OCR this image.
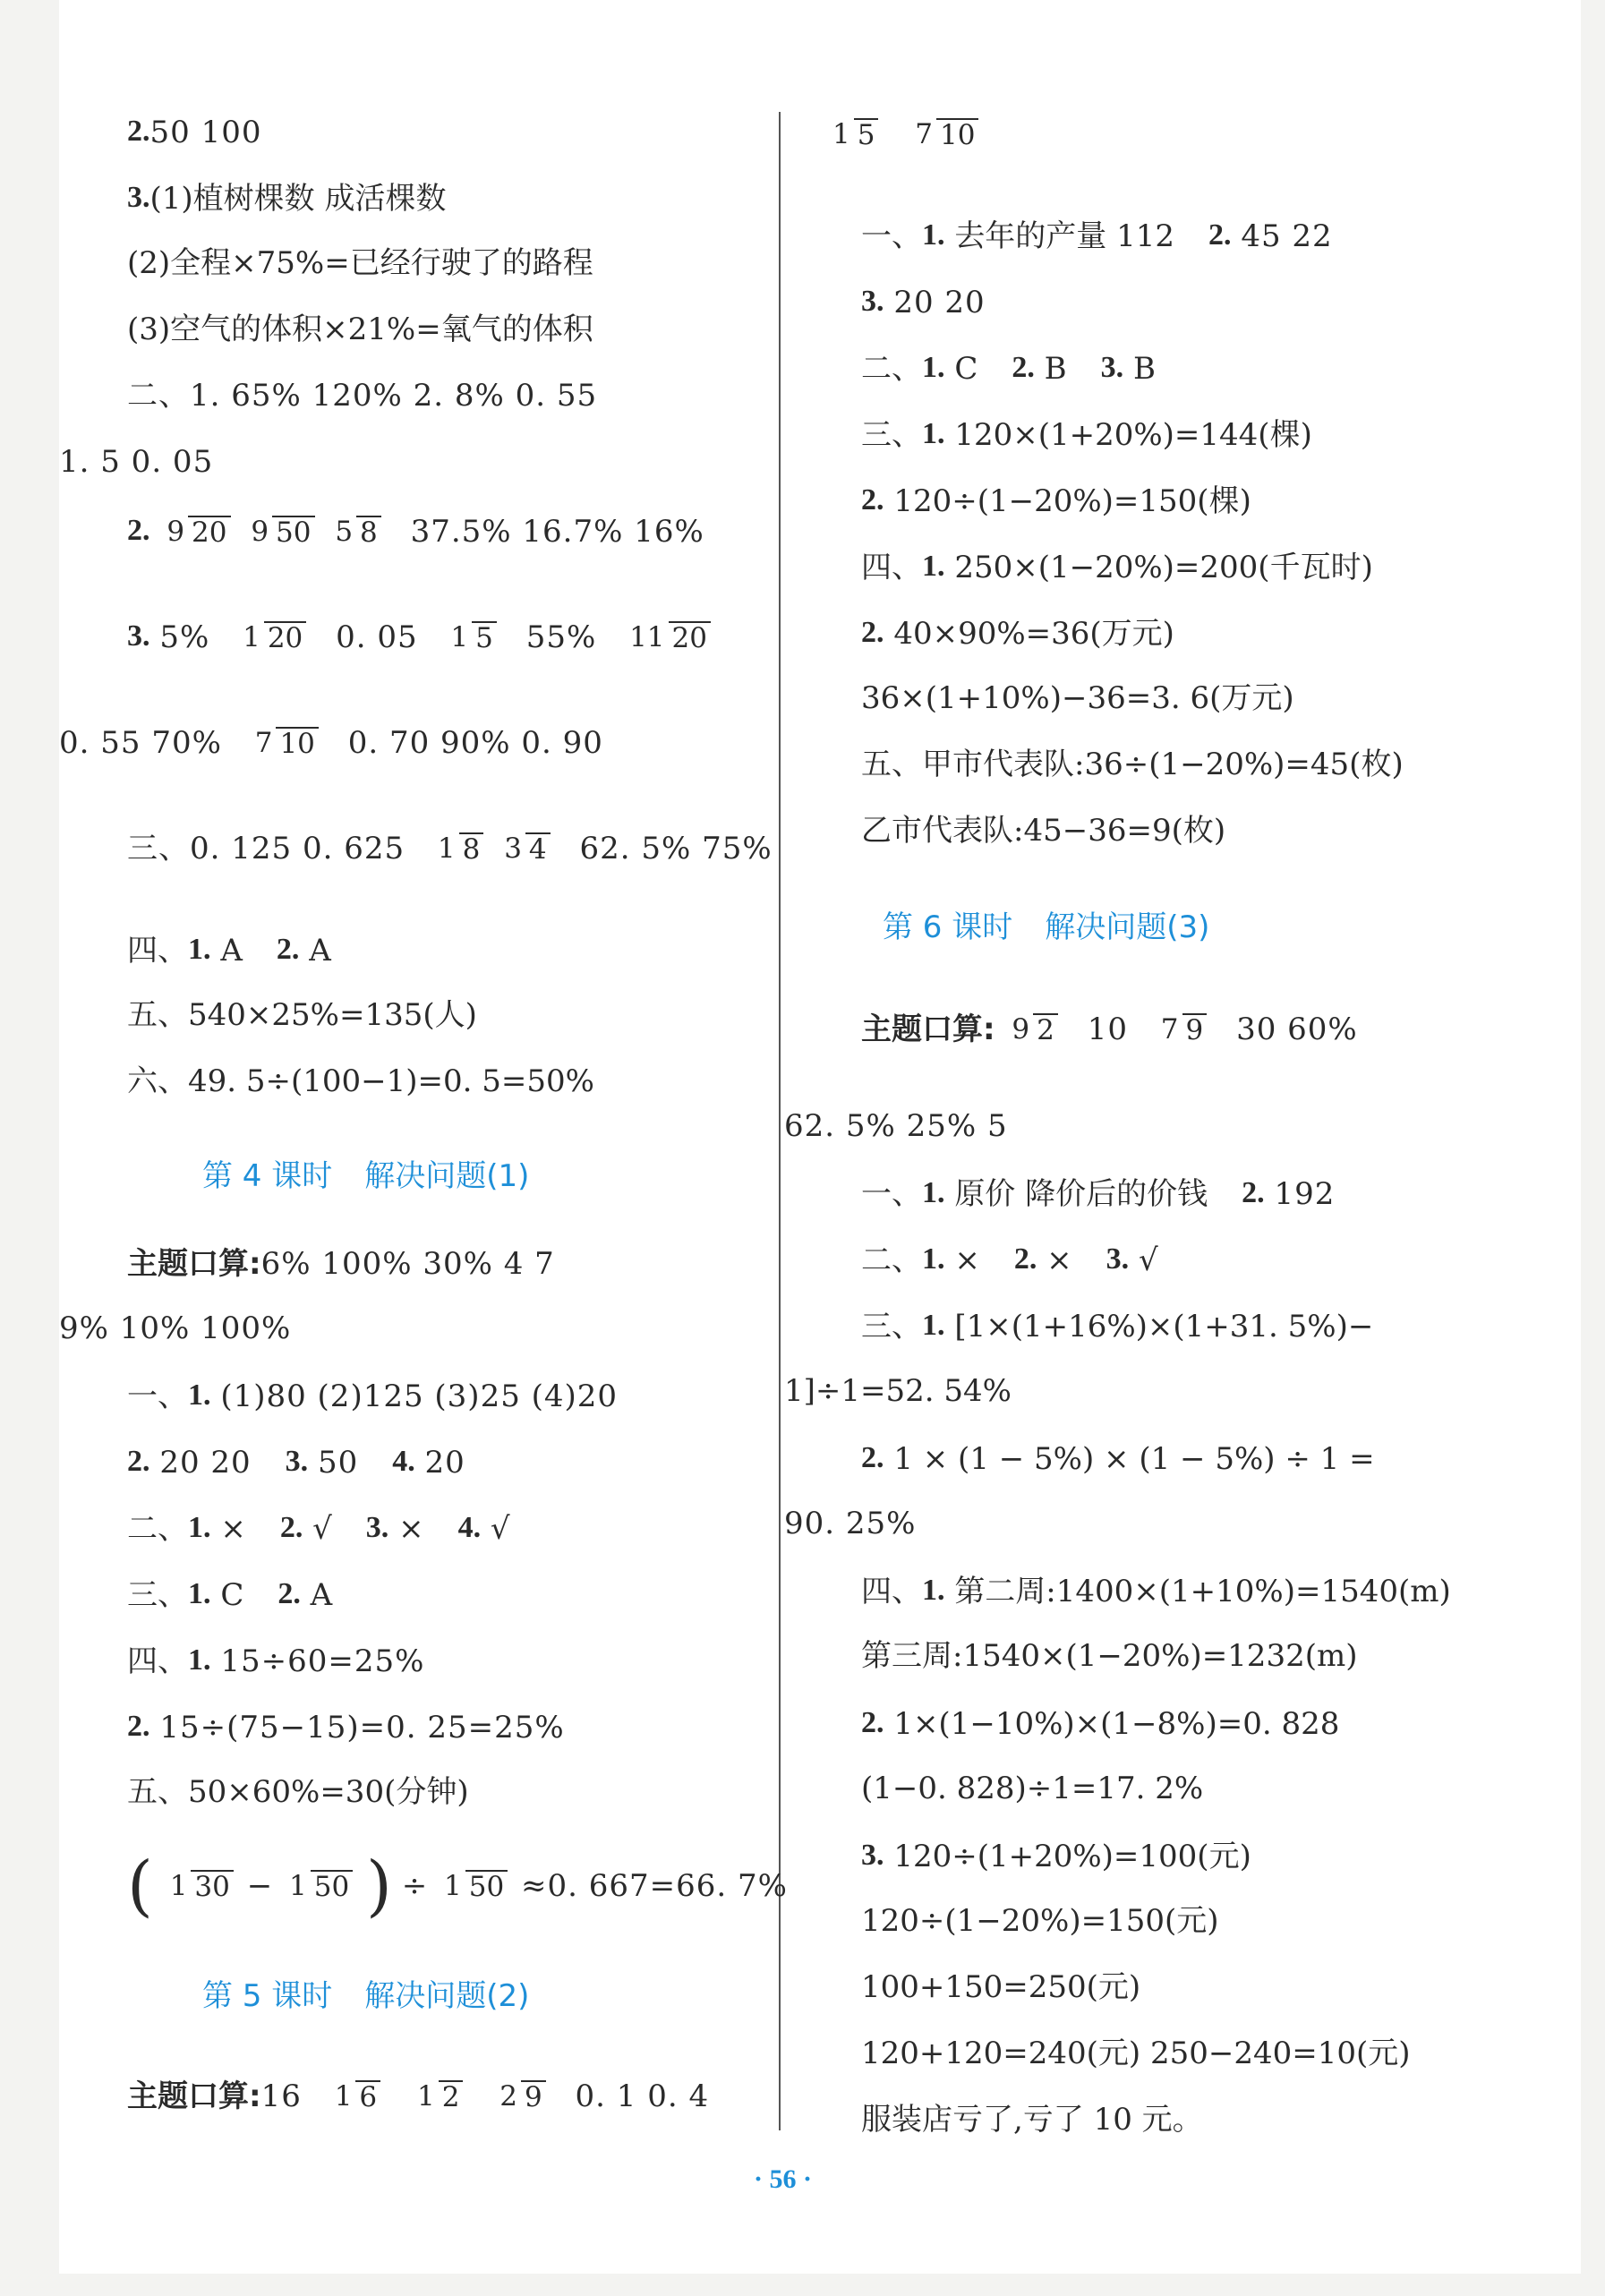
2.50 100
3.(1)植树棵数 成活棵数
(2)全程×75%=已经行驶了的路程
(3)空气的体积×21%=氧气的体积
二、1. 65% 120% 2. 8% 0. 55
1. 5 0. 05
2. 9 20 9 50 5 8 37.5% 16.7% 16%
3. 5% 1 20 0. 05 1 5 55% 11 20
0. 55 70% 7 10 0. 70 90% 0. 90
三、0. 125 0. 625 1 8 3 4 62. 5% 75%
四、1. A 2. A
五、540×25%=135(人)
六、49. 5÷(100−1)=0. 5=50%
第 4 课时 解决问题(1)
主题口算:6% 100% 30% 4 7
9% 10% 100%
一、1. (1)80 (2)125 (3)25 (4)20
2. 20 20 3. 50 4. 20
二、1. × 2. √ 3. × 4. √
三、1. C 2. A
四、1. 15÷60=25%
2. 15÷(75−15)=0. 25=25%
五、50×60%=30(分钟)
( 1 30 − 1 50 ) ÷ 1 50 ≈0. 667=66. 7%
第 5 课时 解决问题(2)
主题口算:16 1 6 1 2 2 9 0. 1 0. 4
1 5 7 10
一、1. 去年的产量 112 2. 45 22
3. 20 20
二、1. C 2. B 3. B
三、1. 120×(1+20%)=144(棵)
2. 120÷(1−20%)=150(棵)
四、1. 250×(1−20%)=200(千瓦时)
2. 40×90%=36(万元)
36×(1+10%)−36=3. 6(万元)
五、甲市代表队:36÷(1−20%)=45(枚)
乙市代表队:45−36=9(枚)
第 6 课时 解决问题(3)
主题口算: 9 2 10 7 9 30 60%
62. 5% 25% 5
一、1. 原价 降价后的价钱 2. 192
二、1. × 2. × 3. √
三、1. [1×(1+16%)×(1+31. 5%)−
1]÷1=52. 54%
2. 1 × (1 − 5%) × (1 − 5%) ÷ 1 =
90. 25%
四、1. 第二周:1400×(1+10%)=1540(m)
第三周:1540×(1−20%)=1232(m)
2. 1×(1−10%)×(1−8%)=0. 828
(1−0. 828)÷1=17. 2%
3. 120÷(1+20%)=100(元)
120÷(1−20%)=150(元)
100+150=250(元)
120+120=240(元) 250−240=10(元)
服装店亏了,亏了 10 元。
· 56 ·
